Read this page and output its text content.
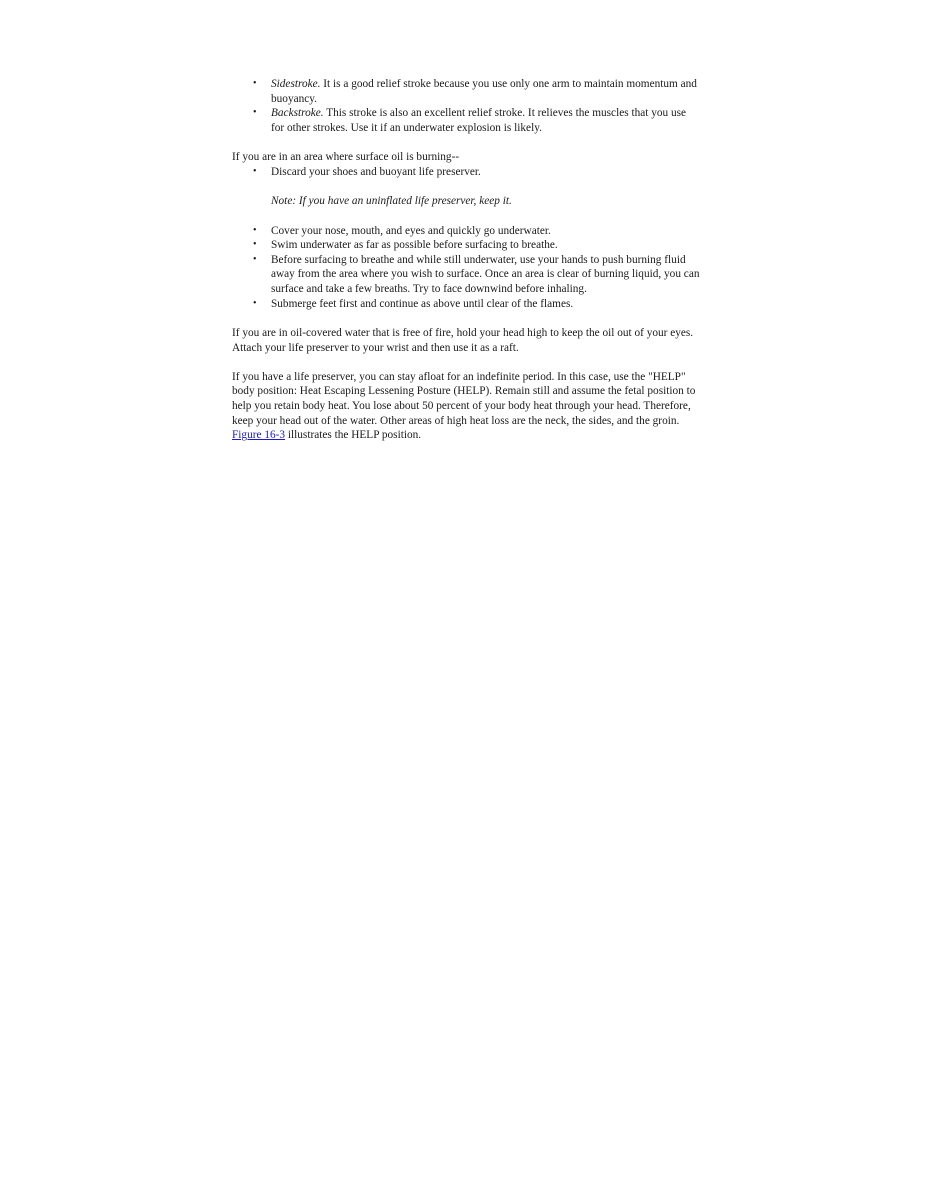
• Sidestroke. It is a good relief stroke because you use only one arm to maintain momentum and buoyancy.
• Backstroke. This stroke is also an excellent relief stroke. It relieves the muscles that you use for other strokes. Use it if an underwater explosion is likely.

If you are in an area where surface oil is burning--

• Discard your shoes and buoyant life preserver.

Note: If you have an uninflated life preserver, keep it.

• Cover your nose, mouth, and eyes and quickly go underwater.
• Swim underwater as far as possible before surfacing to breathe.
• Before surfacing to breathe and while still underwater, use your hands to push burning fluid away from the area where you wish to surface. Once an area is clear of burning liquid, you can surface and take a few breaths. Try to face downwind before inhaling.
• Submerge feet first and continue as above until clear of the flames.

If you are in oil-covered water that is free of fire, hold your head high to keep the oil out of your eyes. Attach your life preserver to your wrist and then use it as a raft.

If you have a life preserver, you can stay afloat for an indefinite period. In this case, use the "HELP" body position: Heat Escaping Lessening Posture (HELP). Remain still and assume the fetal position to help you retain body heat. You lose about 50 percent of your body heat through your head. Therefore, keep your head out of the water. Other areas of high heat loss are the neck, the sides, and the groin. Figure 16-3 illustrates the HELP position.
